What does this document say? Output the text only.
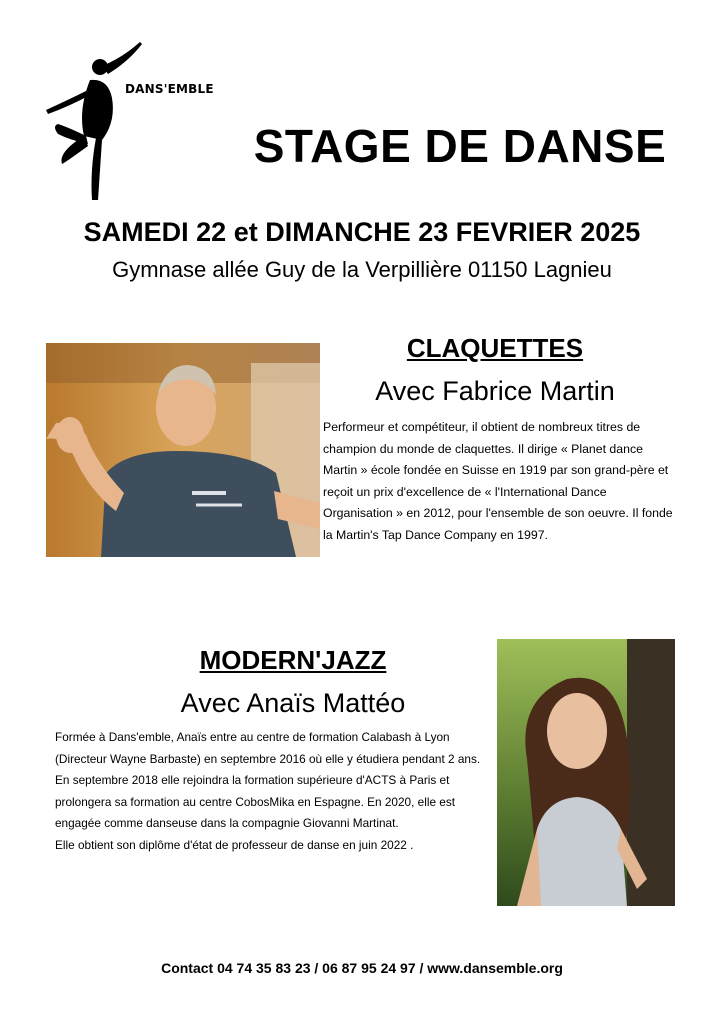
DANS'EMBLE
STAGE DE DANSE
SAMEDI 22 et DIMANCHE 23 FEVRIER 2025
Gymnase allée Guy de la Verpillière 01150 Lagnieu
CLAQUETTES
Avec Fabrice Martin

Performeur et compétiteur, il obtient de nombreux titres de champion du monde de claquettes. Il dirige « Planet dance Martin » école fondée en Suisse en 1919 par son grand-père et reçoit un prix d'excellence de « l'International Dance Organisation » en 2012, pour l'ensemble de son oeuvre. Il fonde la Martin's Tap Dance Company en 1997.

MODERN'JAZZ
Avec Anaïs Mattéo

Formée à Dans'emble, Anaïs entre au centre de formation Calabash à Lyon (Directeur Wayne Barbaste) en septembre 2016 où elle y étudiera pendant 2 ans. En septembre 2018 elle rejoindra la formation supérieure d'ACTS à Paris et prolongera sa formation au centre CobosMika en Espagne. En 2020, elle est engagée comme danseuse dans la compagnie Giovanni Martinat.

Elle obtient son diplôme d'état de professeur de danse en juin 2022 .

Contact 04 74 35 83 23 / 06 87 95 24 97 / www.dansemble.org
